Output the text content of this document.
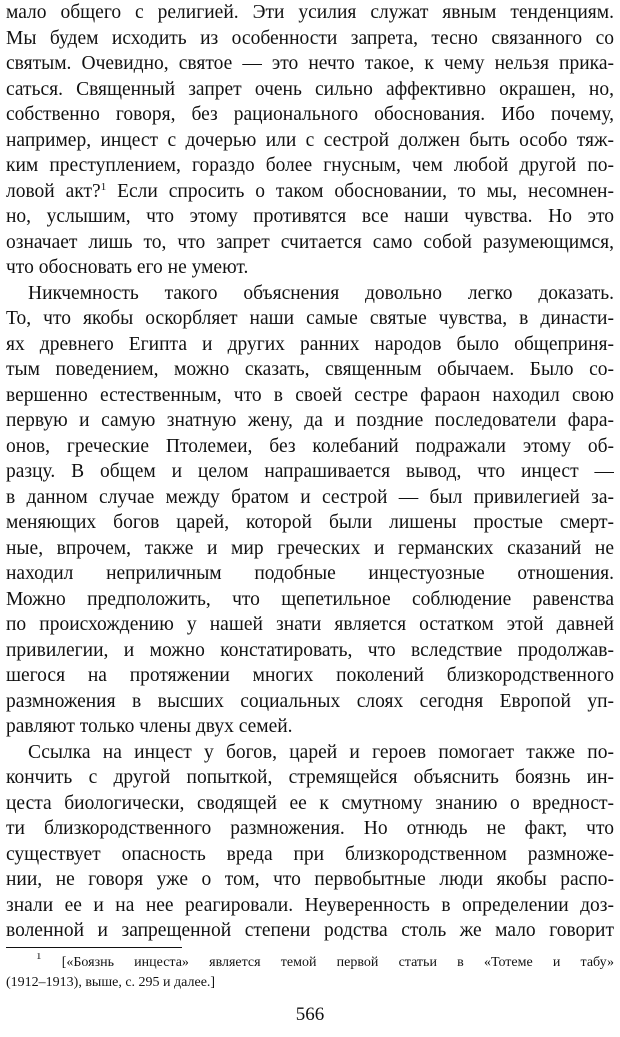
мало общего с религией. Эти усилия служат явным тенденциям.
Мы будем исходить из особенности запрета, тесно связанного со
святым. Очевидно, святое — это нечто такое, к чему нельзя прика-
саться. Священный запрет очень сильно аффективно окрашен, но,
собственно говоря, без рационального обоснования. Ибо почему,
например, инцест с дочерью или с сестрой должен быть особо тяж-
ким преступлением, гораздо более гнусным, чем любой другой по-
ловой акт?$^1$ Если спросить о таком обосновании, то мы, несомнен-
но, услышим, что этому противятся все наши чувства. Но это
означает лишь то, что запрет считается само собой разумеющимся,
что обосновать его не умеют.
Никчемность такого объяснения довольно легко доказать.
То, что якобы оскорбляет наши самые святые чувства, в династи-
ях древнего Египта и других ранних народов было общеприня-
тым поведением, можно сказать, священным обычаем. Было со-
вершенно естественным, что в своей сестре фараон находил свою
первую и самую знатную жену, да и поздние последователи фара-
онов, греческие Птолемеи, без колебаний подражали этому об-
разцу. В общем и целом напрашивается вывод, что инцест —
в данном случае между братом и сестрой — был привилегией за-
меняющих богов царей, которой были лишены простые смерт-
ные, впрочем, также и мир греческих и германских сказаний не
находил неприличным подобные инцестуозные отношения.
Можно предположить, что щепетильное соблюдение равенства
по происхождению у нашей знати является остатком этой давней
привилегии, и можно констатировать, что вследствие продолжав-
шегося на протяжении многих поколений близкородственного
размножения в высших социальных слоях сегодня Европой уп-
равляют только члены двух семей.
Ссылка на инцест у богов, царей и героев помогает также по-
кончить с другой попыткой, стремящейся объяснить боязнь ин-
цеста биологически, сводящей ее к смутному знанию о вредност-
ти близкородственного размножения. Но отнюдь не факт, что
существует опасность вреда при близкородственном размноже-
нии, не говоря уже о том, что первобытные люди якобы распо-
знали ее и на нее реагировали. Неуверенность в определении доз-
воленной и запрещенной степени родства столь же мало говорит
$^1$ [«Боязнь инцеста» является темой первой статьи в «Тотеме и табу»
(1912–1913), выше, с. 295 и далее.]
566
